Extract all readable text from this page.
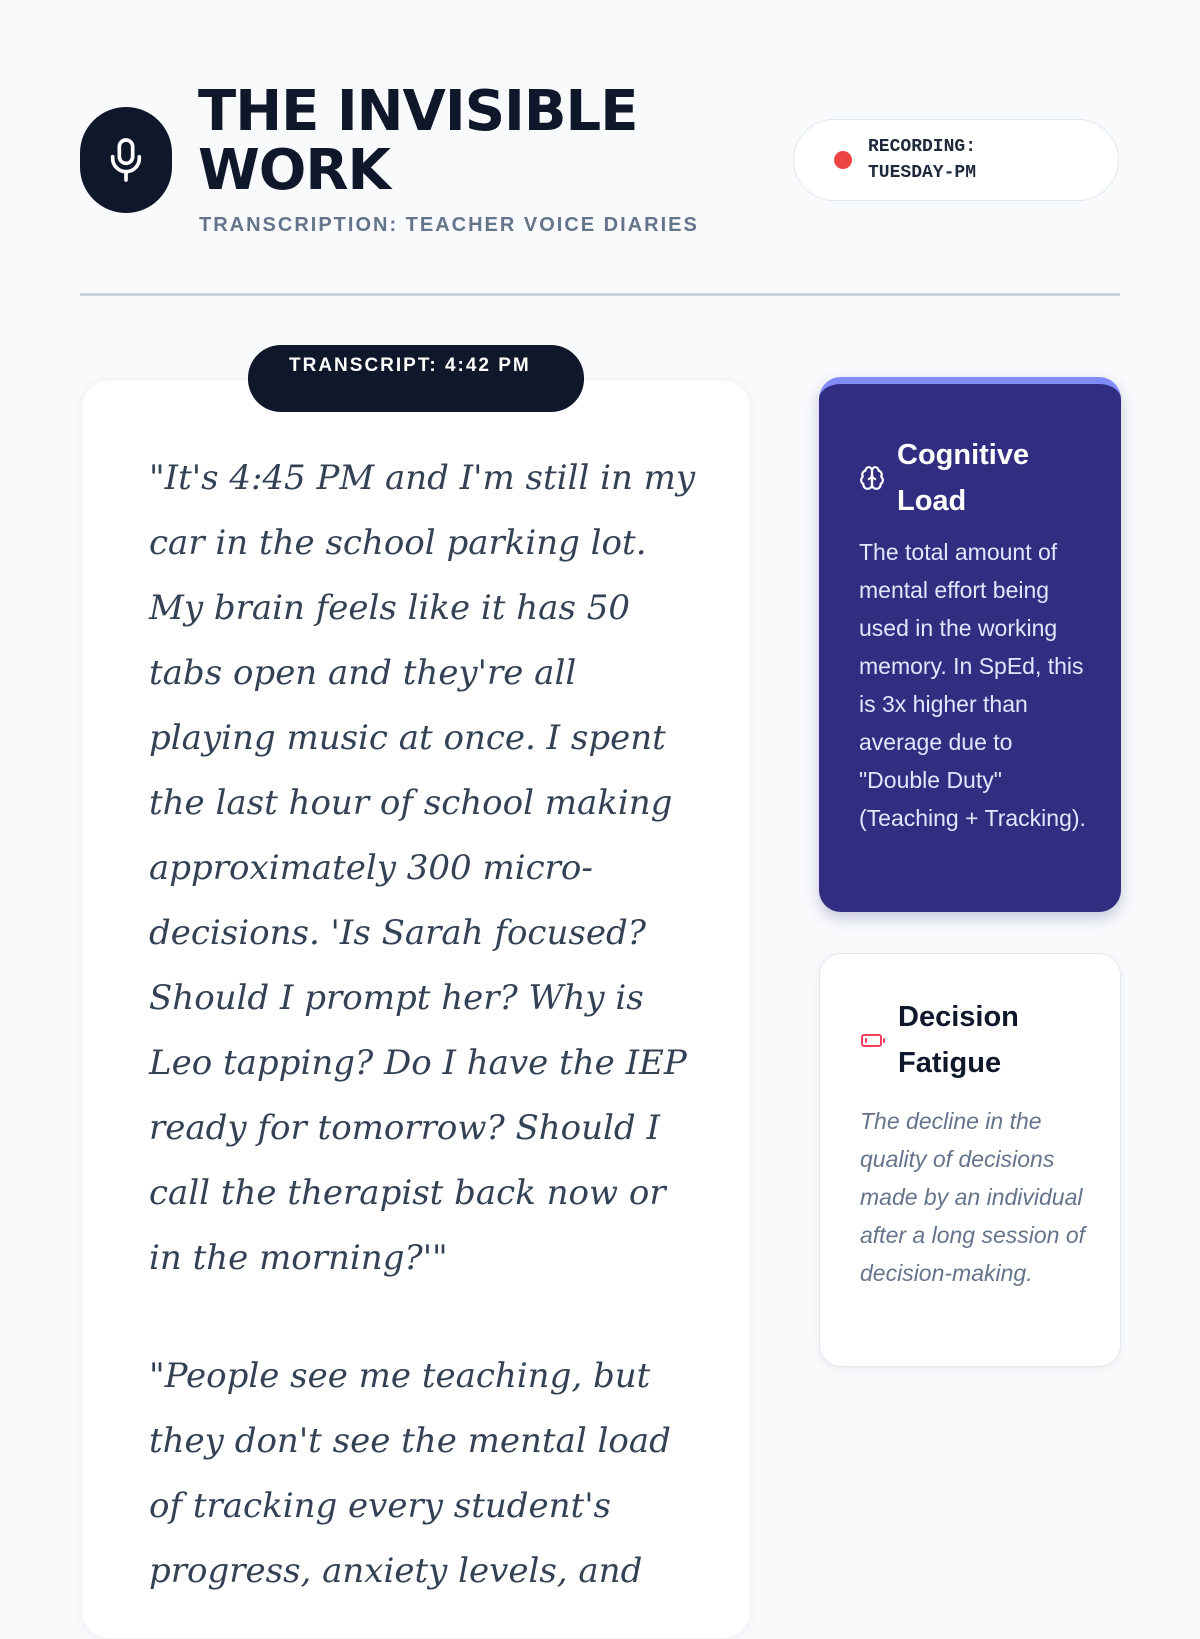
THE INVISIBLE
WORK
TRANSCRIPTION: TEACHER VOICE DIARIES
RECORDING:
TUESDAY-PM
TRANSCRIPT: 4:42 PM

"It's 4:45 PM and I'm still in my car in the school parking lot. My brain feels like it has 50 tabs open and they're all playing music at once. I spent the last hour of school making approximately 300 micro-decisions. 'Is Sarah focused? Should I prompt her? Why is Leo tapping? Do I have the IEP ready for tomorrow? Should I call the therapist back now or in the morning?'"

"People see me teaching, but they don't see the mental load of tracking every student's progress, anxiety levels, and

Cognitive
Load

The total amount of mental effort being used in the working memory. In SpEd, this is 3x higher than average due to "Double Duty" (Teaching + Tracking).

Decision
Fatigue

The decline in the quality of decisions made by an individual after a long session of decision-making.
